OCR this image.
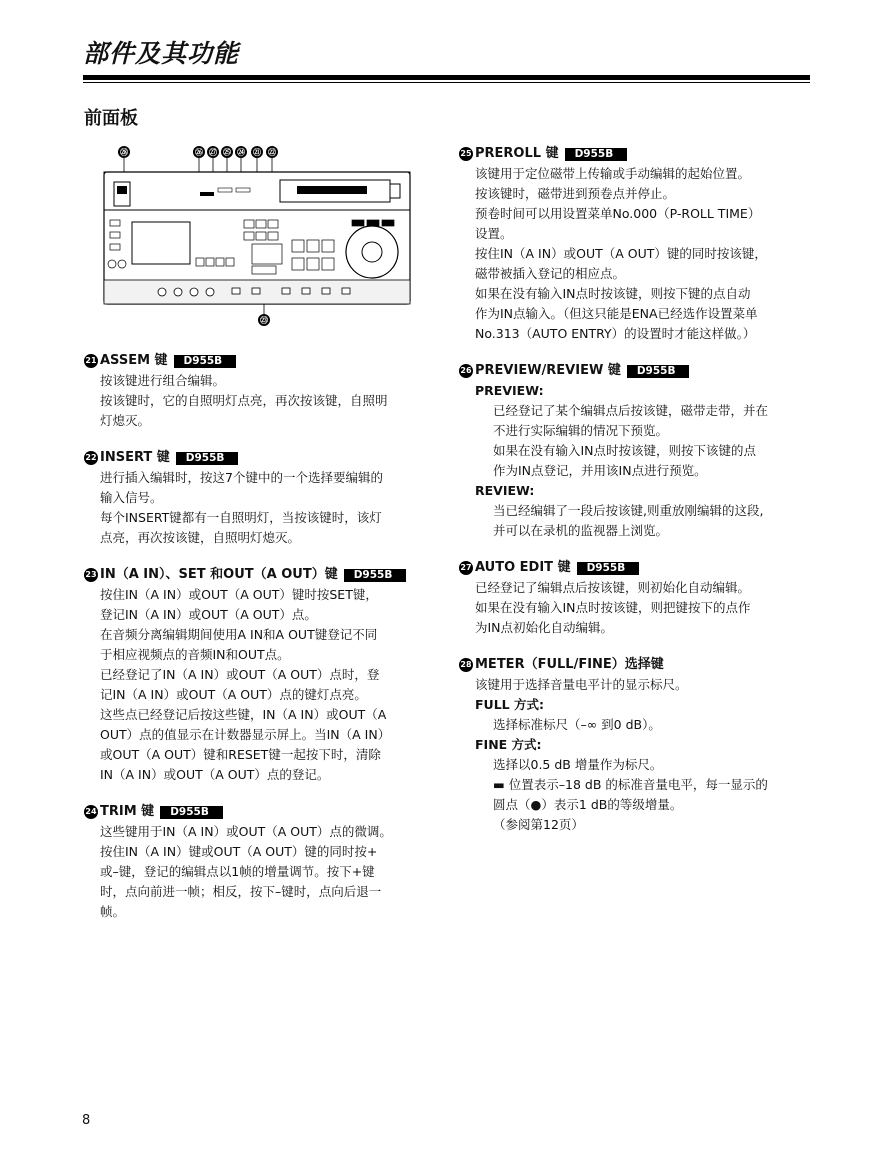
部件及其功能
前面板
㉘	㉖ ㉗ ㉕ ㉔ ㉑ ㉒
㉓
21 ASSEM 键	D955B

按该键进行组合编辑。

按该键时，它的自照明灯点亮，再次按该键，自照明

灯熄灭。

22 INSERT 键	D955B

进行插入编辑时，按这7个键中的一个选择要编辑的

输入信号。

每个INSERT键都有一自照明灯，当按该键时，该灯

点亮，再次按该键，自照明灯熄灭。

23 IN（A IN）、SET 和OUT（A OUT）键	D955B

按住IN（A IN）或OUT（A OUT）键时按SET键，

登记IN（A IN）或OUT（A OUT）点。

在音频分离编辑期间使用A IN和A OUT键登记不同

于相应视频点的音频IN和OUT点。

已经登记了IN（A IN）或OUT（A OUT）点时，登

记IN（A IN）或OUT（A OUT）点的键灯点亮。

这些点已经登记后按这些键，IN（A IN）或OUT（A

OUT）点的值显示在计数器显示屏上。当IN（A IN）

或OUT（A OUT）键和RESET键一起按下时，清除

IN（A IN）或OUT（A OUT）点的登记。

24 TRIM 键	D955B

这些键用于IN（A IN）或OUT（A OUT）点的微调。

按住IN（A IN）键或OUT（A OUT）键的同时按+

或–键，登记的编辑点以1帧的增量调节。按下+键

时，点向前进一帧；相反，按下–键时，点向后退一

帧。

25 PREROLL 键	D955B

该键用于定位磁带上传输或手动编辑的起始位置。

按该键时，磁带进到预卷点并停止。

预卷时间可以用设置菜单No.000（P-ROLL TIME）

设置。

按住IN（A IN）或OUT（A OUT）键的同时按该键，

磁带被插入登记的相应点。

如果在没有输入IN点时按该键，则按下键的点自动

作为IN点输入。（但这只能是ENA已经选作设置菜单

No.313（AUTO ENTRY）的设置时才能这样做。）

26 PREVIEW/REVIEW 键	D955B
PREVIEW:

已经登记了某个编辑点后按该键，磁带走带，并在

不进行实际编辑的情况下预览。

如果在没有输入IN点时按该键，则按下该键的点

作为IN点登记，并用该IN点进行预览。

REVIEW:

当已经编辑了一段后按该键,则重放刚编辑的这段,

并可以在录机的监视器上浏览。

27 AUTO EDIT 键	D955B

已经登记了编辑点后按该键，则初始化自动编辑。

如果在没有输入IN点时按该键，则把键按下的点作

为IN点初始化自动编辑。

28 METER（FULL/FINE）选择键

该键用于选择音量电平计的显示标尺。

FULL 方式:

选择标准标尺（–∞ 到0 dB）。

FINE 方式:

选择以0.5 dB 增量作为标尺。

▬ 位置表示–18 dB 的标准音量电平，每一显示的

圆点（●）表示1 dB的等级增量。

（参阅第12页）

8
